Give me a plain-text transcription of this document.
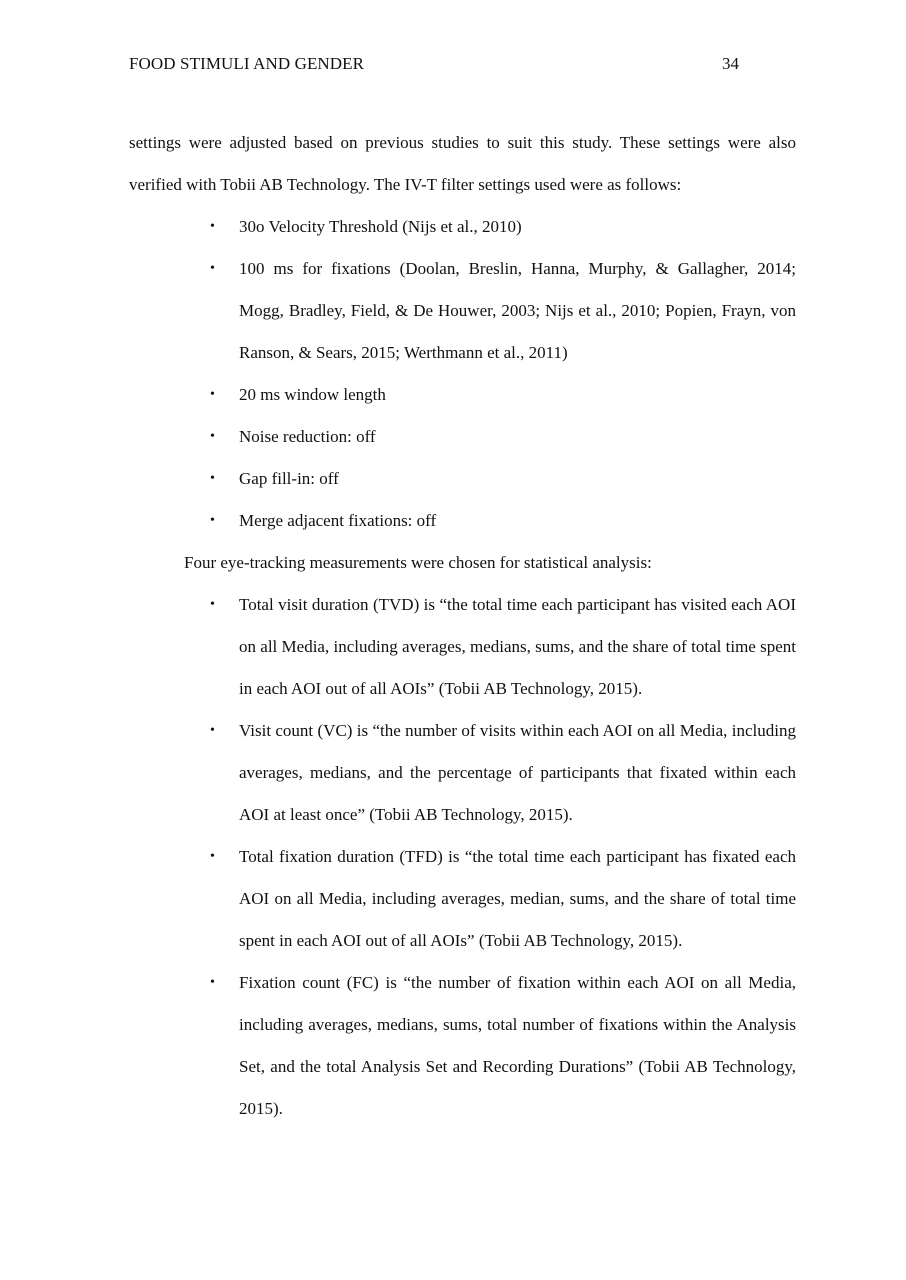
FOOD STIMULI AND GENDER	34

settings were adjusted based on previous studies to suit this study. These settings were also verified with Tobii AB Technology. The IV-T filter settings used were as follows:

• 30o Velocity Threshold (Nijs et al., 2010)
• 100 ms for fixations (Doolan, Breslin, Hanna, Murphy, & Gallagher, 2014; Mogg, Bradley, Field, & De Houwer, 2003; Nijs et al., 2010; Popien, Frayn, von Ranson, & Sears, 2015; Werthmann et al., 2011)
• 20 ms window length
• Noise reduction: off
• Gap fill-in: off
• Merge adjacent fixations: off

Four eye-tracking measurements were chosen for statistical analysis:

• Total visit duration (TVD) is “the total time each participant has visited each AOI on all Media, including averages, medians, sums, and the share of total time spent in each AOI out of all AOIs” (Tobii AB Technology, 2015).
• Visit count (VC) is “the number of visits within each AOI on all Media, including averages, medians, and the percentage of participants that fixated within each AOI at least once” (Tobii AB Technology, 2015).
• Total fixation duration (TFD) is “the total time each participant has fixated each AOI on all Media, including averages, median, sums, and the share of total time spent in each AOI out of all AOIs” (Tobii AB Technology, 2015).
• Fixation count (FC) is “the number of fixation within each AOI on all Media, including averages, medians, sums, total number of fixations within the Analysis Set, and the total Analysis Set and Recording Durations” (Tobii AB Technology, 2015).
